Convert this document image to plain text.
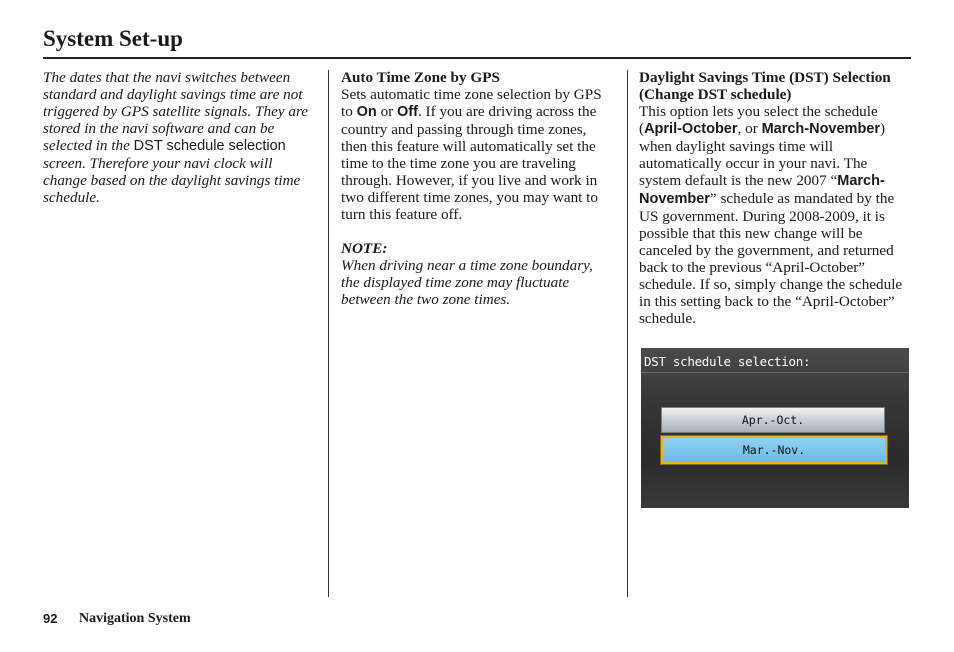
System Set-up

The dates that the navi switches between standard and daylight savings time are not triggered by GPS satellite signals. They are stored in the navi software and can be selected in the DST schedule selection screen. Therefore your navi clock will change based on the daylight savings time schedule.

Auto Time Zone by GPS

Sets automatic time zone selection by GPS to On or Off. If you are driving across the country and passing through time zones, then this feature will automatically set the time to the time zone you are traveling through. However, if you live and work in two different time zones, you may want to turn this feature off.

NOTE:

When driving near a time zone boundary, the displayed time zone may fluctuate between the two zone times.

Daylight Savings Time (DST) Selection (Change DST schedule)

This option lets you select the schedule (April-October, or March-November) when daylight savings time will automatically occur in your navi. The system default is the new 2007 “March-November” schedule as mandated by the US government. During 2008-2009, it is possible that this new change will be canceled by the government, and returned back to the previous “April-October” schedule. If so, simply change the schedule in this setting back to the “April-October” schedule.

DST schedule selection:
Apr.-Oct.
Mar.-Nov.
92 Navigation System
